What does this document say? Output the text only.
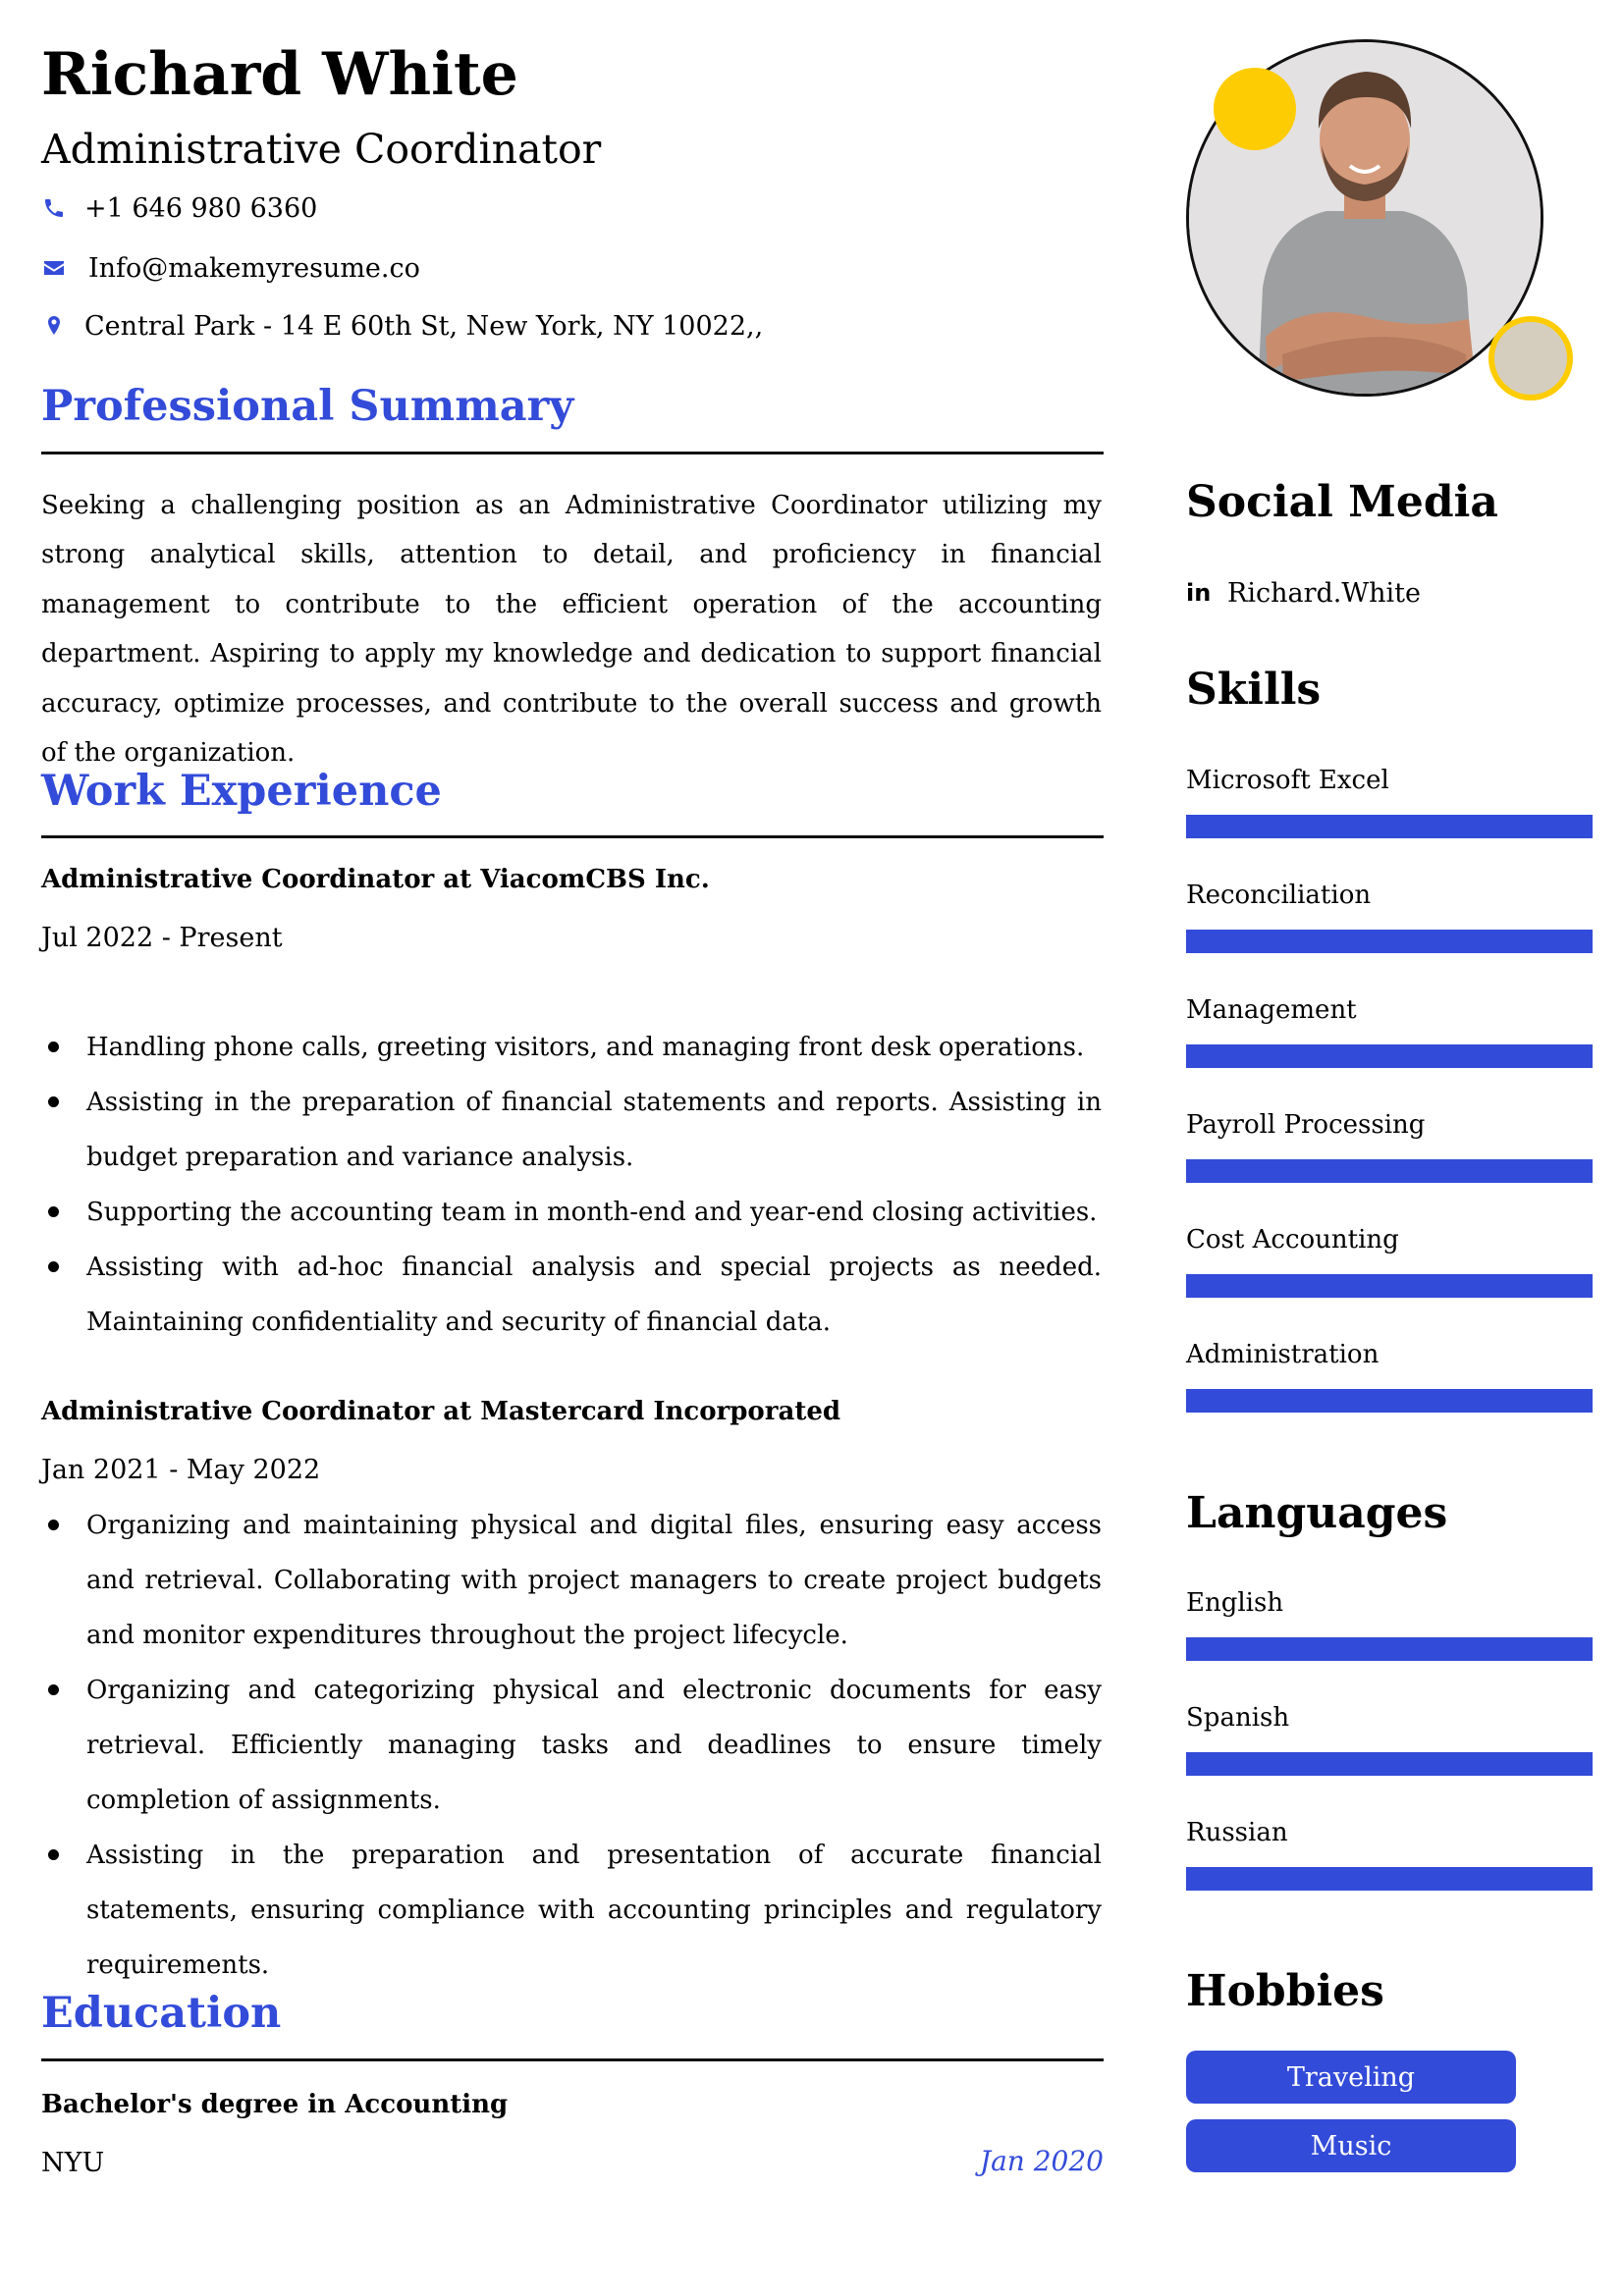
Richard White
Administrative Coordinator
+1 646 980 6360
Info@makemyresume.co
Central Park - 14 E 60th St, New York, NY 10022,,
Professional Summary
Seeking a challenging position as an Administrative Coordinator utilizing my strong analytical skills, attention to detail, and proficiency in financial management to contribute to the efficient operation of the accounting department. Aspiring to apply my knowledge and dedication to support financial accuracy, optimize processes, and contribute to the overall success and growth of the organization.
Work Experience
Administrative Coordinator at ViacomCBS Inc.
Jul 2022 - Present
Handling phone calls, greeting visitors, and managing front desk operations.
Assisting in the preparation of financial statements and reports. Assisting in budget preparation and variance analysis.
Supporting the accounting team in month-end and year-end closing activities.
Assisting with ad-hoc financial analysis and special projects as needed. Maintaining confidentiality and security of financial data.
Administrative Coordinator at Mastercard Incorporated
Jan 2021 - May 2022
Organizing and maintaining physical and digital files, ensuring easy access and retrieval. Collaborating with project managers to create project budgets and monitor expenditures throughout the project lifecycle.
Organizing and categorizing physical and electronic documents for easy retrieval. Efficiently managing tasks and deadlines to ensure timely completion of assignments.
Assisting in the preparation and presentation of accurate financial statements, ensuring compliance with accounting principles and regulatory requirements.
Education
Bachelor's degree in Accounting
NYU	Jan 2020
Social Media
in Richard.White
Skills
Microsoft Excel
Reconciliation
Management
Payroll Processing
Cost Accounting
Administration
Languages
English
Spanish
Russian
Hobbies
Traveling
Music
